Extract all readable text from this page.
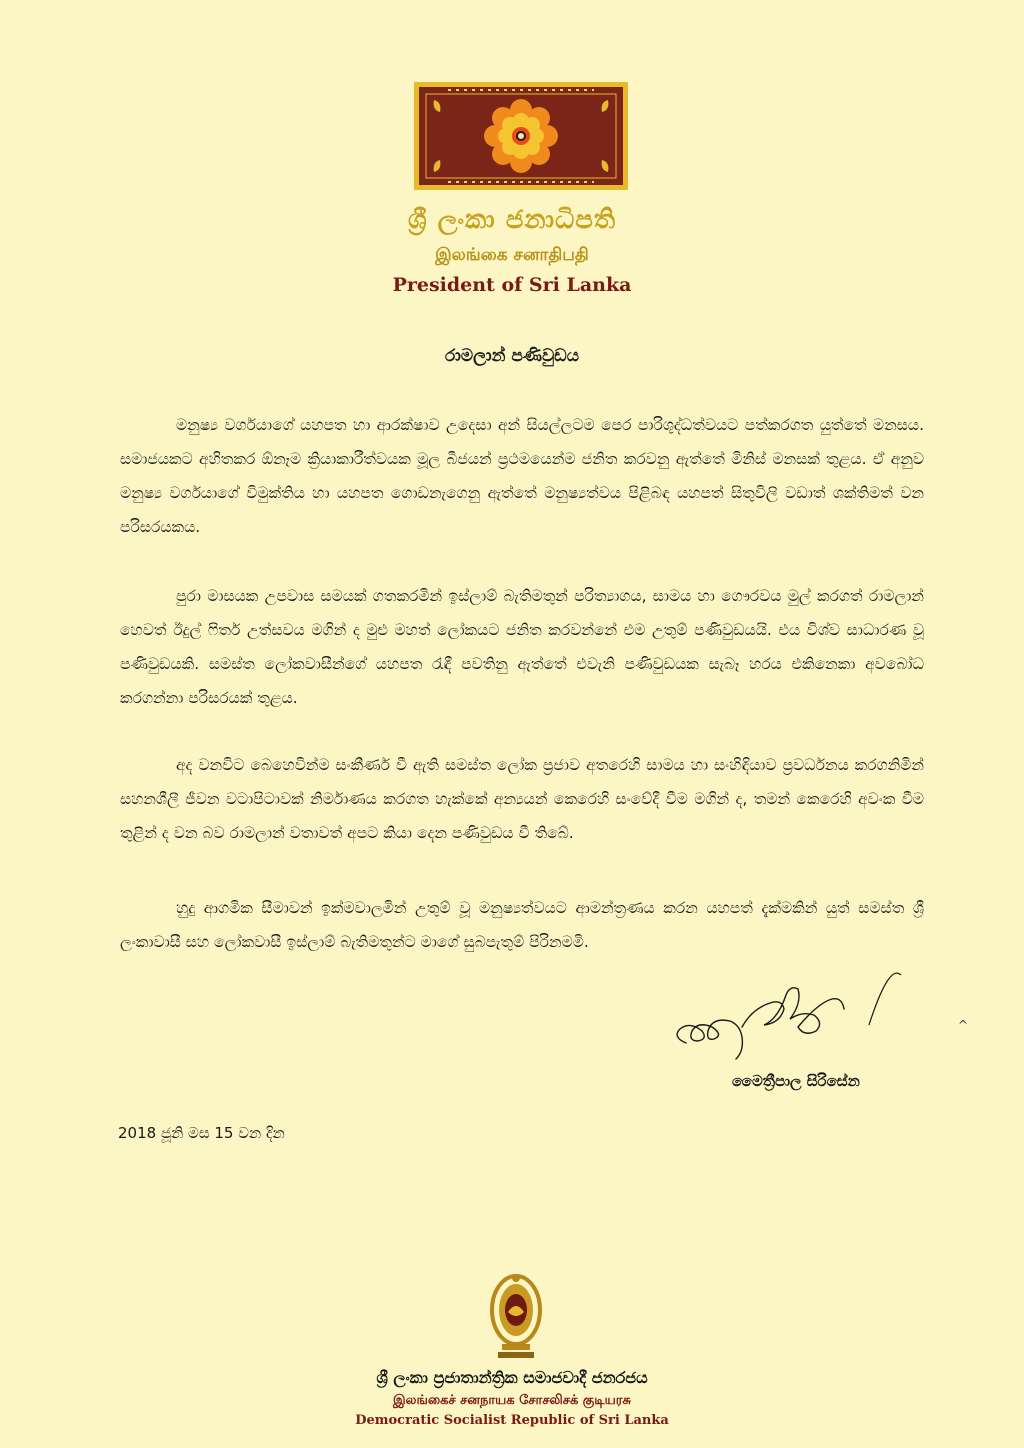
ශ්‍රී ලංකා ජනාධිපති
இலங்கை சனாதிபதி
President of Sri Lanka
රාමලාන් පණිවුඩය

මනුෂ්‍ය වර්ගයාගේ යහපත හා ආරක්ෂාව උදෙසා අන් සියල්ලටම පෙර පාරිශුද්ධත්වයට පත්කරගත යුත්තේ මනසය. සමාජයකට අහිතකර ඕනෑම ක්‍රියාකාරීත්වයක මූල බීජයන් ප්‍රථමයෙන්ම ජනිත කරවනු ඇත්තේ මිනිස් මනසක් තුළය. ඒ අනුව මනුෂ්‍ය වර්ගයාගේ විමුක්තිය හා යහපත ගොඩනැගෙනු ඇත්තේ මනුෂ්‍යත්වය පිළිබඳ යහපත් සිතුවිලි වඩාත් ශක්තිමත් වන පරිසරයකය.

පුරා මාසයක උපවාස සමයක් ගතකරමින් ඉස්ලාම් බැතිමතුන් පරිත්‍යාගය, සාමය හා ගෞරවය මුල් කරගත් රාමලාන් හෙවත් ඊදුල් ෆිතර් උත්සවය මගින් ද මුළු මහත් ලෝකයට ජනිත කරවන්නේ එම උතුම් පණිවුඩයයි. එය විශ්ව සාධාරණ වූ පණිවුඩයකි. සමස්ත ලෝකවාසීන්ගේ යහපත රැඳී පවතිනු ඇත්තේ එවැනි පණිවුඩයක සැබෑ හරය එකිනෙකා අවබෝධ කරගන්නා පරිසරයක් තුළය.

අද වනවිට බෙහෙවින්ම සංකීර්ණ වී ඇති සමස්ත ලෝක ප්‍රජාව අතරෙහි සාමය හා සංහිඳියාව ප්‍රවර්ධනය කරගනිමින් සහනශීලී ජීවන වටාපිටාවක් නිර්මාණය කරගත හැක්කේ අන්‍යයන් කෙරෙහි සංවේදී වීම මගින් ද, තමන් කෙරෙහි අවංක වීම තුළින් ද වන බව රාමලාන් වතාවත් අපට කියා දෙන පණිවුඩය වී තිබේ.

හුදු ආගමික සීමාවන් ඉක්මවාලමින් උතුම් වූ මනුෂ්‍යත්වයට ආමන්ත්‍රණය කරන යහපත් දැක්මකින් යුත් සමස්ත ශ්‍රී ලංකාවාසී සහ ලෝකවාසී ඉස්ලාම් බැතිමතුන්ට මාගේ සුබපැතුම් පිරිනමමි.

^
මෛත්‍රීපාල සිරිසේන
2018 ජූනි මස 15 වන දින
ශ්‍රී ලංකා ප්‍රජාතාන්ත්‍රික සමාජවාදී ජනරජය
இலங்கைச் சனநாயக சோசலிசக் குடியரசு
Democratic Socialist Republic of Sri Lanka
